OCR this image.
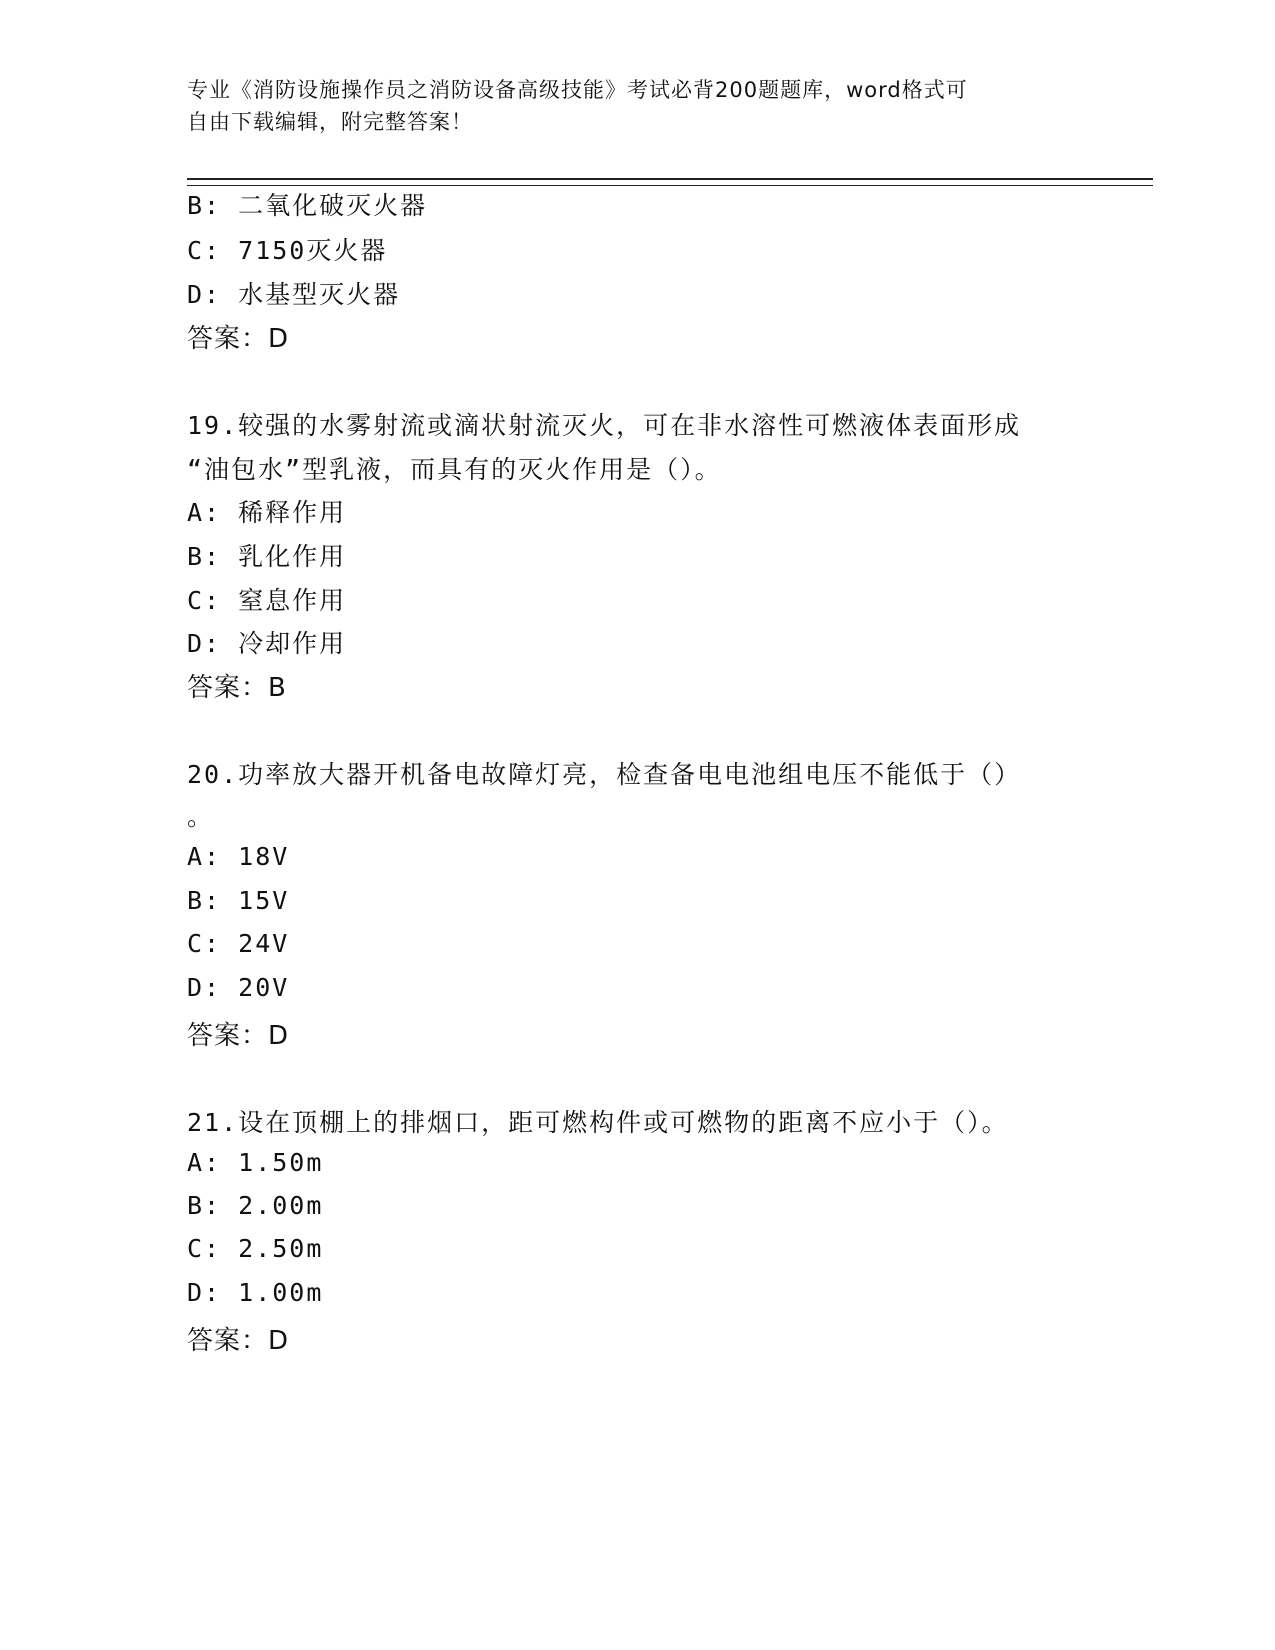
专业《消防设施操作员之消防设备高级技能》考试必背200题题库，word格式可
自由下载编辑，附完整答案！
B: 二氧化破灭火器
C: 7150灭火器
D: 水基型灭火器
答案：D
19.较强的水雾射流或滴状射流灭火，可在非水溶性可燃液体表面形成
“油包水”型乳液，而具有的灭火作用是（）。
A: 稀释作用
B: 乳化作用
C: 窒息作用
D: 冷却作用
答案：B
20.功率放大器开机备电故障灯亮，检查备电电池组电压不能低于（）
。
A: 18V
B: 15V
C: 24V
D: 20V
答案：D
21.设在顶棚上的排烟口，距可燃构件或可燃物的距离不应小于（）。
A: 1.50m
B: 2.00m
C: 2.50m
D: 1.00m
答案：D
